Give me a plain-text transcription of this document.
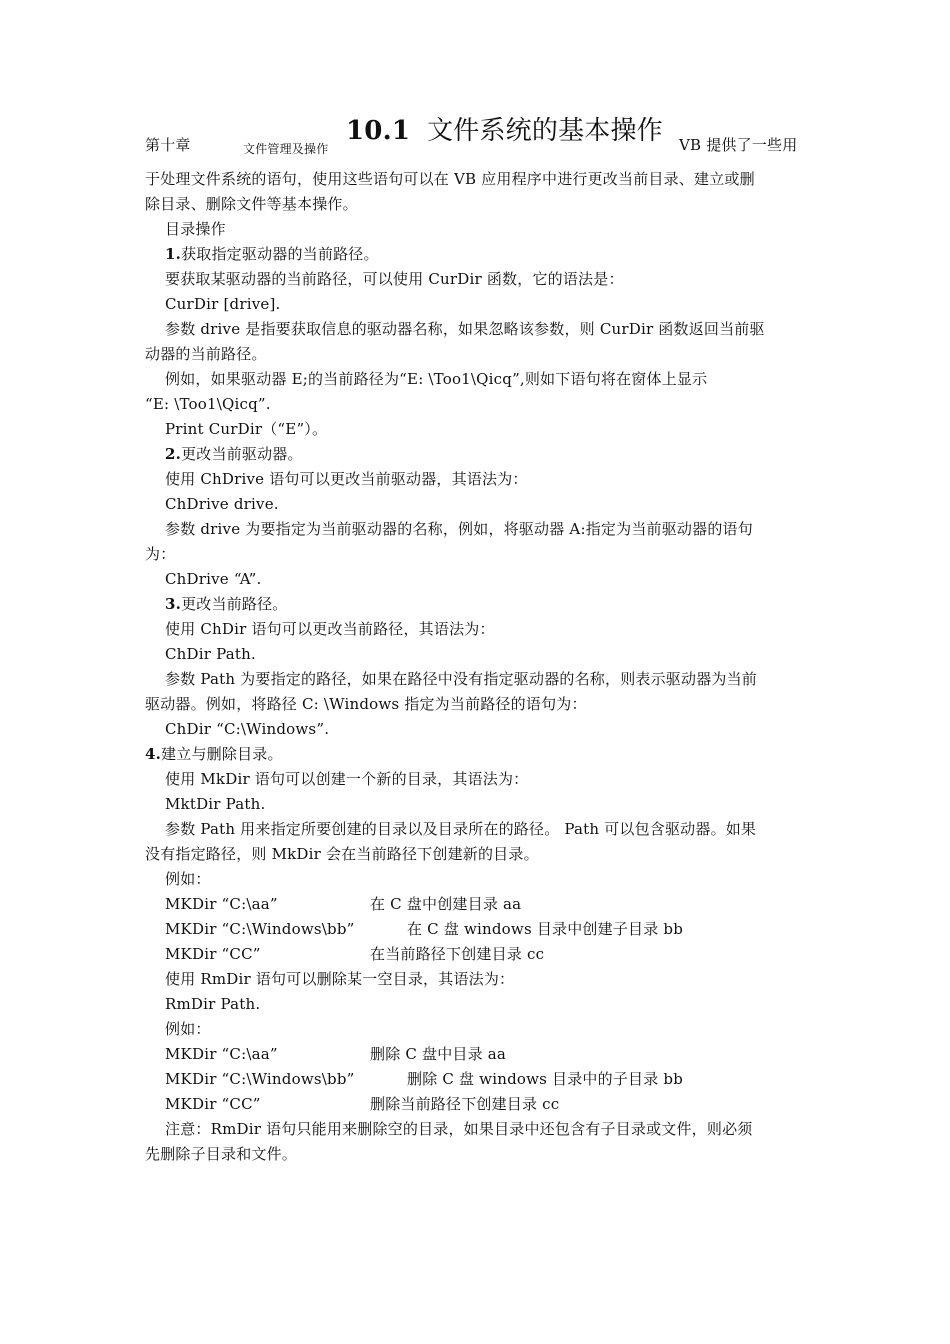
第十章	文件管理及操作
10.1 文件系统的基本操作 VB 提供了一些用
于处理文件系统的语句，使用这些语句可以在 VB 应用程序中进行更改当前目录、建立或删
除目录、删除文件等基本操作。
目录操作
1.获取指定驱动器的当前路径。
要获取某驱动器的当前路径，可以使用 CurDir 函数，它的语法是：
CurDir [drive].
参数 drive 是指要获取信息的驱动器名称，如果忽略该参数，则 CurDir 函数返回当前驱
动器的当前路径。
例如，如果驱动器 E;的当前路径为“E: \Too1\Qicq”,则如下语句将在窗体上显示
“E: \Too1\Qicq”.
Print CurDir（“E”）。
2.更改当前驱动器。
使用 ChDrive 语句可以更改当前驱动器，其语法为：
ChDrive drive.
参数 drive 为要指定为当前驱动器的名称，例如，将驱动器 A:指定为当前驱动器的语句
为：
ChDrive “A”.
3.更改当前路径。
使用 ChDir 语句可以更改当前路径，其语法为：
ChDir Path.
参数 Path 为要指定的路径，如果在路径中没有指定驱动器的名称，则表示驱动器为当前
驱动器。例如，将路径 C: \Windows 指定为当前路径的语句为：
ChDir “C:\Windows”.
4.建立与删除目录。
使用 MkDir 语句可以创建一个新的目录，其语法为：
MktDir Path.
参数 Path 用来指定所要创建的目录以及目录所在的路径。 Path 可以包含驱动器。如果
没有指定路径，则 MkDir 会在当前路径下创建新的目录。
例如：
MKDir “C:\aa”	在 C 盘中创建目录 aa
MKDir “C:\Windows\bb”	在 C 盘 windows 目录中创建子目录 bb
MKDir “CC”	在当前路径下创建目录 cc
使用 RmDir 语句可以删除某一空目录，其语法为：
RmDir Path.
例如：
MKDir “C:\aa”	删除 C 盘中目录 aa
MKDir “C:\Windows\bb”	删除 C 盘 windows 目录中的子目录 bb
MKDir “CC”	删除当前路径下创建目录 cc
注意：RmDir 语句只能用来删除空的目录，如果目录中还包含有子目录或文件，则必须
先删除子目录和文件。
